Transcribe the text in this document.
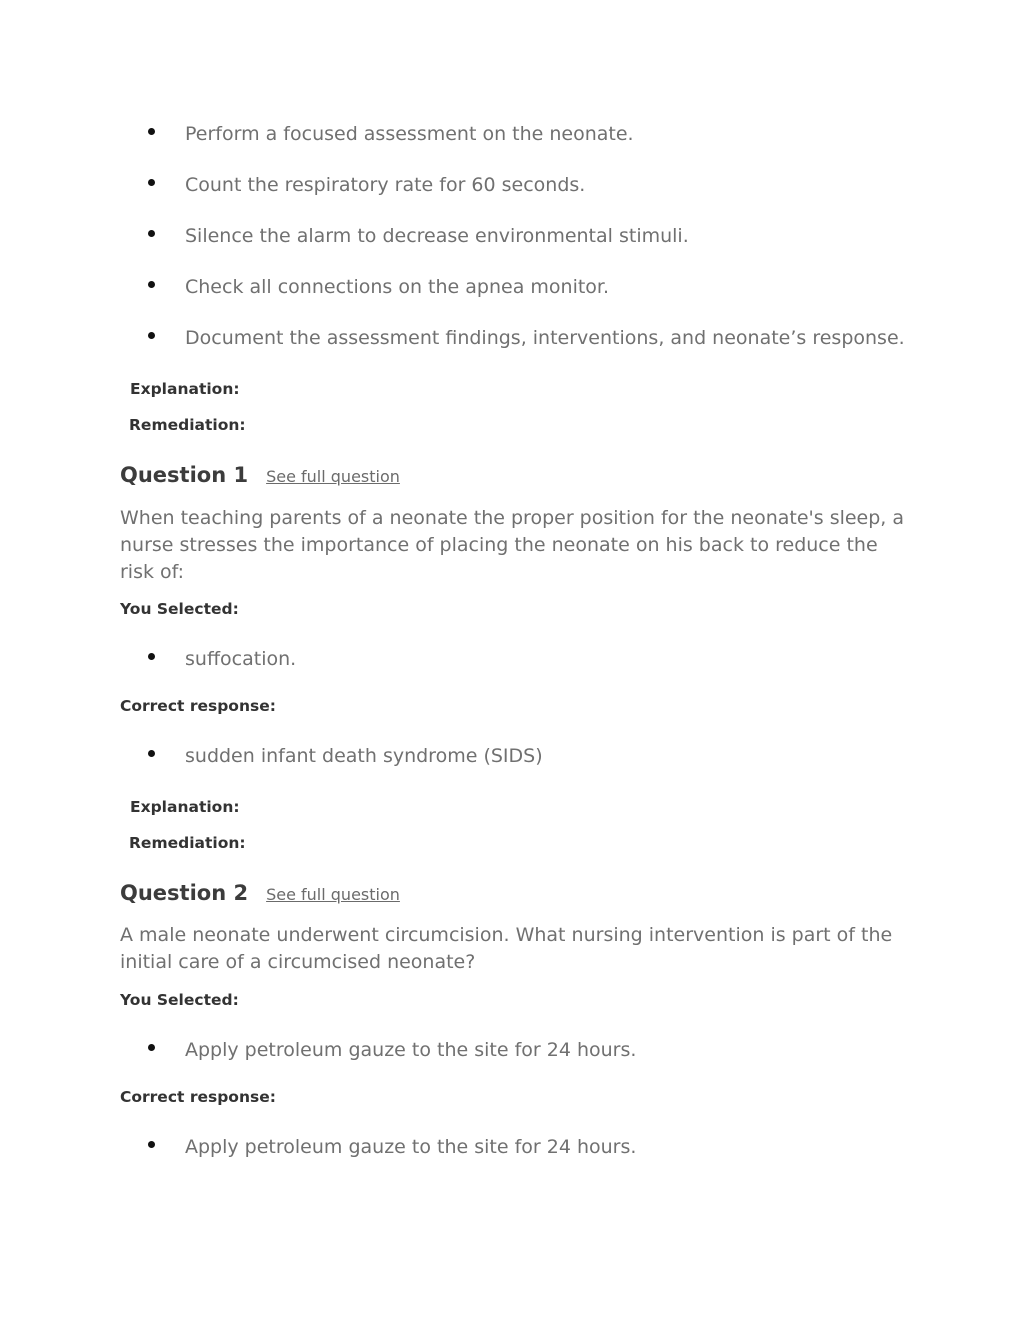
Perform a focused assessment on the neonate.
Count the respiratory rate for 60 seconds.
Silence the alarm to decrease environmental stimuli.
Check all connections on the apnea monitor.
Document the assessment findings, interventions, and neonate’s response.
Explanation:
Remediation:
Question 1 See full question
When teaching parents of a neonate the proper position for the neonate's sleep, a nurse stresses the importance of placing the neonate on his back to reduce the risk of:
You Selected:
suffocation.
Correct response:
sudden infant death syndrome (SIDS)
Explanation:
Remediation:
Question 2 See full question
A male neonate underwent circumcision. What nursing intervention is part of the initial care of a circumcised neonate?
You Selected:
Apply petroleum gauze to the site for 24 hours.
Correct response:
Apply petroleum gauze to the site for 24 hours.
